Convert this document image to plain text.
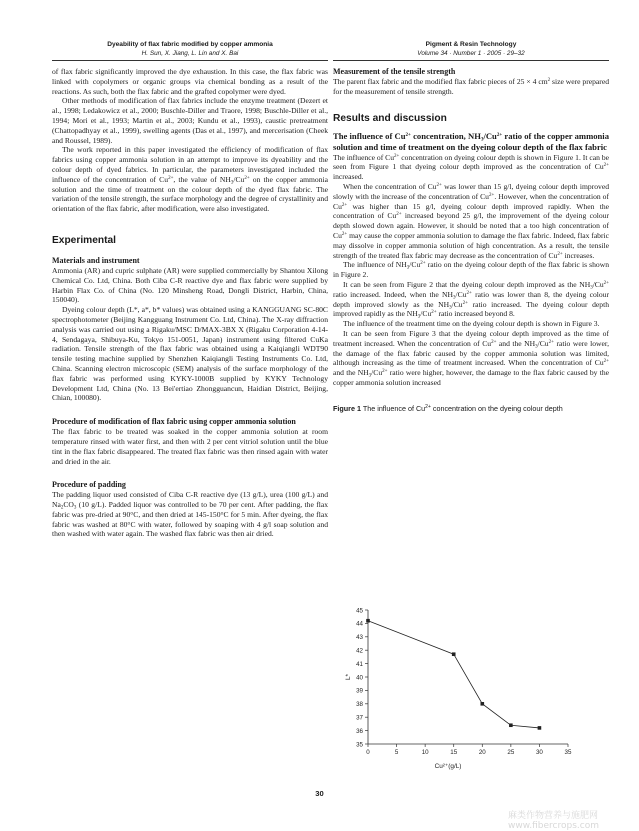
Dyeability of flax fabric modified by copper ammonia
H. Sun, X. Jiang, L. Lin and X. Bai

of flax fabric significantly improved the dye exhaustion. In this case, the flax fabric was linked with copolymers or organic groups via chemical bonding as a result of the reactions. As such, both the flax fabric and the grafted copolymer were dyed.

Other methods of modification of flax fabrics include the enzyme treatment (Dezert et al., 1998; Ledakowicz et al., 2000; Buschle-Diller and Traore, 1998; Buschle-Diller et al., 1994; Mori et al., 1993; Martin et al., 2003; Kundu et al., 1993), caustic pretreatment (Chattopadhyay et al., 1999), swelling agents (Das et al., 1997), and mercerisation (Cheek and Roussel, 1989).

The work reported in this paper investigated the efficiency of modification of flax fabrics using copper ammonia solution in an attempt to improve its dyeability and the colour depth of dyed fabrics. In particular, the parameters investigated included the influence of the concentration of $Cu^{2+}$, the value of $NH_3/Cu^{2+}$ on the copper ammonia solution and the time of treatment on the colour depth of the dyed flax fabric. The variation of the tensile strength, the surface morphology and the degree of crystallinity and orientation of the flax fabric, after modification, were also investigated.

Experimental
Materials and instrument

Ammonia (AR) and cupric sulphate (AR) were supplied commercially by Shantou Xilong Chemical Co. Ltd, China. Both Ciba C-R reactive dye and flax fabric were supplied by Harbin Flax Co. of China (No. 120 Minsheng Road, Dongli District, Harbin, China, 150040).

Dyeing colour depth (L*, a*, b* values) was obtained using a KANGGUANG SC-80C spectrophotometer (Beijing Kangguang Instrument Co. Ltd, China). The X-ray diffraction analysis was carried out using a Rigaku/MSC D/MAX-3BX X (Rigaku Corporation 4-14-4, Sendagaya, Shibuya-Ku, Tokyo 151-0051, Japan) instrument using filtered CuKa radiation. Tensile strength of the flax fabric was obtained using a Kaiqiangli WDT90 tensile testing machine supplied by Shenzhen Kaiqiangli Testing Instruments Co. Ltd, China. Scanning electron microscopic (SEM) analysis of the surface morphology of the flax fabric was performed using KYKY-1000B supplied by KYKY Technology Development Ltd, China (No. 13 Bei'ertiao Zhongguancun, Haidian District, Beijing, Chian, 100080).

Procedure of modification of flax fabric using copper ammonia solution

The flax fabric to be treated was soaked in the copper ammonia solution at room temperature rinsed with water first, and then with 2 per cent vitriol solution until the blue tint in the flax fabric disappeared. The treated flax fabric was then rinsed again with water and dried in the air.

Procedure of padding

The padding liquor used consisted of Ciba C-R reactive dye (13 g/L), urea (100 g/L) and $Na_2CO_3$ (10 g/L). Padded liquor was controlled to be 70 per cent. After padding, the flax fabric was pre-dried at 90°C, and then dried at 145-150°C for 5 min. After dyeing, the flax fabric was washed at 80°C with water, followed by soaping with 4 g/l soap solution and then washed with water again. The washed flax fabric was then air dried.

Pigment & Resin Technology
Volume 34 · Number 1 · 2005 · 29–32
Measurement of the tensile strength

The parent flax fabric and the modified flax fabric pieces of 25 × 4 $cm^2$ size were prepared for the measurement of tensile strength.

Results and discussion
The influence of $Cu^{2+}$ concentration, $NH_3/Cu^{2+}$ ratio of the copper ammonia solution and time of treatment on the dyeing colour depth of the flax fabric

The influence of $Cu^{2+}$ concentration on dyeing colour depth is shown in Figure 1. It can be seen from Figure 1 that dyeing colour depth improved as the concentration of $Cu^{2+}$ increased.

When the concentration of $Cu^{2+}$ was lower than 15 g/l, dyeing colour depth improved slowly with the increase of the concentration of $Cu^{2+}$. However, when the concentration of $Cu^{2+}$ was higher than 15 g/l, dyeing colour depth improved rapidly. When the concentration of $Cu^{2+}$ increased beyond 25 g/l, the improvement of the dyeing colour depth slowed down again. However, it should be noted that a too high concentration of $Cu^{2+}$ may cause the copper ammonia solution to damage the flax fabric. Indeed, flax fabric may dissolve in copper ammonia solution of high concentration. As a result, the tensile strength of the treated flax fabric may decrease as the concentration of $Cu^{2+}$ increases.

The influence of $NH_3/Cu^{2+}$ ratio on the dyeing colour depth of the flax fabric is shown in Figure 2.

It can be seen from Figure 2 that the dyeing colour depth improved as the $NH_3/Cu^{2+}$ ratio increased. Indeed, when the $NH_3/Cu^{2+}$ ratio was lower than 8, the dyeing colour depth improved slowly as the $NH_3/Cu^{2+}$ ratio increased. The dyeing colour depth improved rapidly as the $NH_3/Cu^{2+}$ ratio increased beyond 8.

The influence of the treatment time on the dyeing colour depth is shown in Figure 3.

It can be seen from Figure 3 that the dyeing colour depth improved as the time of treatment increased. When the concentration of $Cu^{2+}$ and the $NH_3/Cu^{2+}$ ratio were lower, the damage of the flax fabric caused by the copper ammonia solution was limited, although increasing as the time of treatment increased. When the concentration of $Cu^{2+}$ and the $NH_3/Cu^{2+}$ ratio were higher, however, the damage to the flax fabric caused by the copper ammonia solution increased

Figure 1 The influence of $Cu^{2+}$ concentration on the dyeing colour depth
35
36
37
38
39
40
41
42
43
44
45
0	5	10	15	20	25	30	35
L*
Cu²⁺(g/L)
30
麻类作物营养与施肥网 www.fibercrops.com
